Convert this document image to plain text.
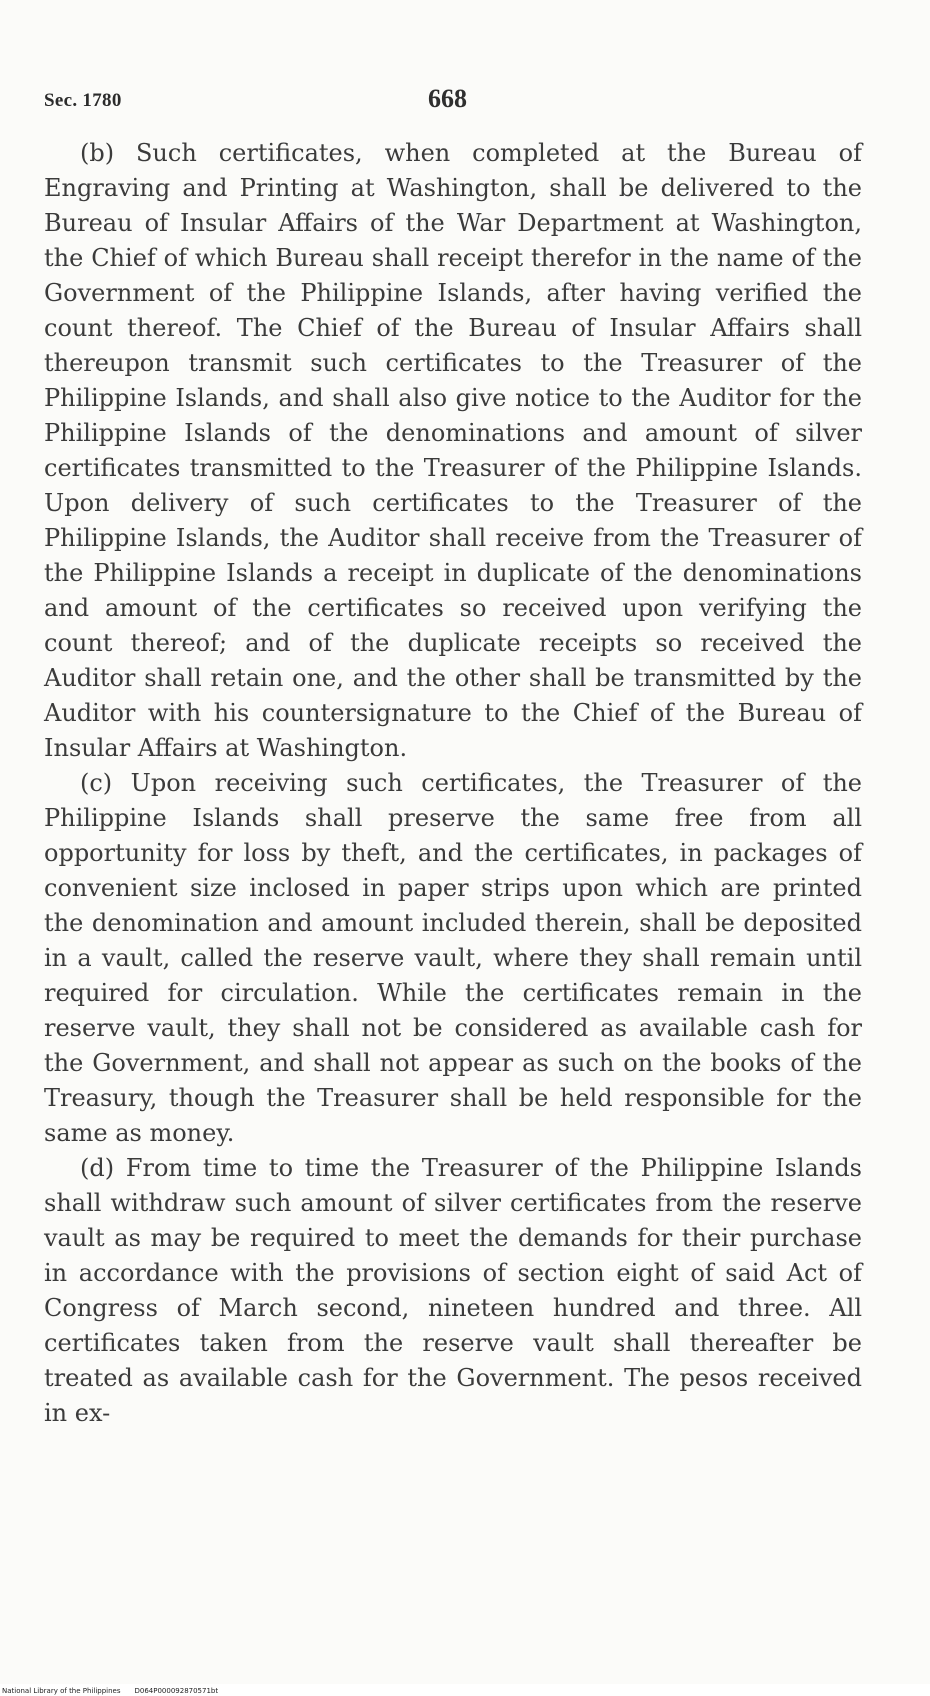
Sec. 1780	668

(b) Such certificates, when completed at the Bureau of Engraving and Printing at Washington, shall be delivered to the Bureau of Insular Affairs of the War Department at Washington, the Chief of which Bureau shall receipt therefor in the name of the Government of the Philippine Islands, after having verified the count thereof. The Chief of the Bureau of Insular Affairs shall thereupon transmit such certificates to the Treasurer of the Philippine Islands, and shall also give notice to the Auditor for the Philippine Islands of the denominations and amount of silver certificates transmitted to the Treasurer of the Philippine Islands. Upon delivery of such certificates to the Treasurer of the Philippine Islands, the Auditor shall receive from the Treasurer of the Philippine Islands a receipt in duplicate of the denominations and amount of the certificates so received upon verifying the count thereof; and of the duplicate receipts so received the Auditor shall retain one, and the other shall be transmitted by the Auditor with his countersignature to the Chief of the Bureau of Insular Affairs at Washington.

(c) Upon receiving such certificates, the Treasurer of the Philippine Islands shall preserve the same free from all opportunity for loss by theft, and the certificates, in packages of convenient size inclosed in paper strips upon which are printed the denomination and amount included therein, shall be deposited in a vault, called the reserve vault, where they shall remain until required for circulation. While the certificates remain in the reserve vault, they shall not be considered as available cash for the Government, and shall not appear as such on the books of the Treasury, though the Treasurer shall be held responsible for the same as money.

(d) From time to time the Treasurer of the Philippine Islands shall withdraw such amount of silver certificates from the reserve vault as may be required to meet the demands for their purchase in accordance with the provisions of section eight of said Act of Congress of March second, nineteen hundred and three. All certificates taken from the reserve vault shall thereafter be treated as available cash for the Government. The pesos received in ex-

National Library of the Philippines D064P000092870571bt
